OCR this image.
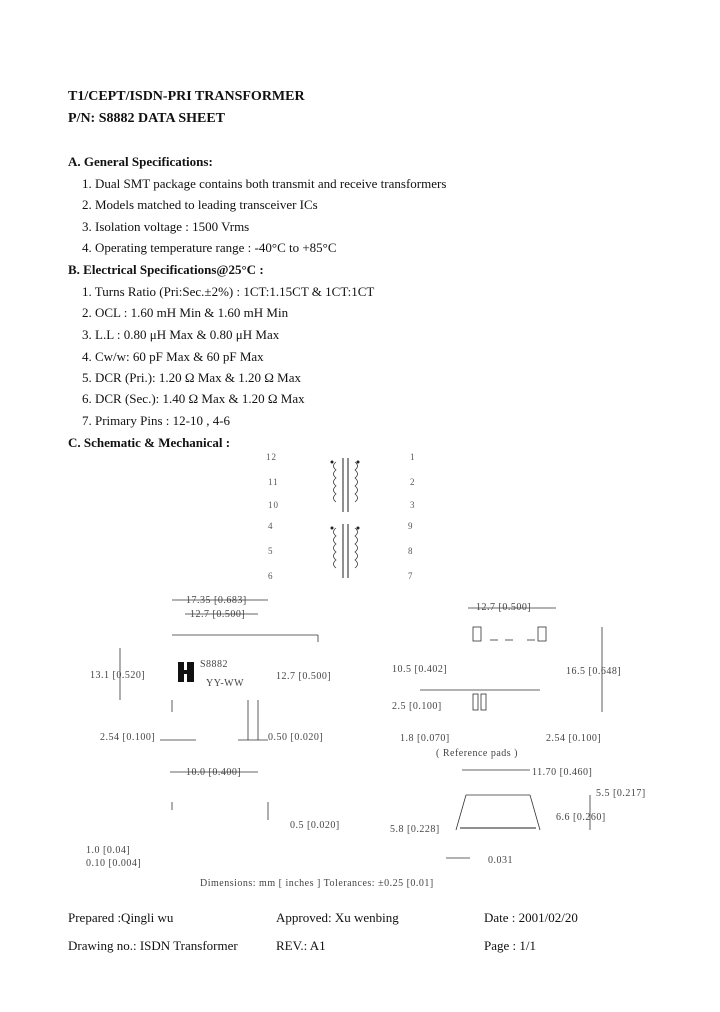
T1/CEPT/ISDN-PRI TRANSFORMER
P/N: S8882 DATA SHEET
A. General Specifications:
1. Dual SMT package contains both transmit and receive transformers
2. Models matched to leading transceiver ICs
3. Isolation voltage : 1500 Vrms
4. Operating temperature range : -40°C to +85°C
B. Electrical Specifications@25°C :
1. Turns Ratio (Pri:Sec.±2%) : 1CT:1.15CT & 1CT:1CT
2. OCL : 1.60 mH Min & 1.60 mH Min
3. L.L : 0.80 μH Max & 0.80 μH Max
4. Cw/w: 60 pF Max & 60 pF Max
5. DCR (Pri.): 1.20 Ω Max & 1.20 Ω Max
6. DCR (Sec.): 1.40 Ω Max & 1.20 Ω Max
7. Primary Pins : 12-10 , 4-6
C. Schematic & Mechanical :
12
11
10
4
5
6
1
2
3
9
8
7
17.35 [0.683]
12.7 [0.500]
13.1 [0.520]
S8882
YY-WW
12.7 [0.500]
2.54 [0.100]	0.50 [0.020]
10.0 [0.400]
12.7 [0.500]
16.5 [0.648]
10.5 [0.402]
2.5 [0.100]
1.8 [0.070]	2.54 [0.100]
( Reference pads )
11.70 [0.460]
0.5 [0.020]	5.8 [0.228]
6.6 [0.260]
5.5 [0.217]
0.031
1.0 [0.04]
0.10 [0.004]
Dimensions: mm [ inches ] Tolerances: ±0.25 [0.01]
Prepared :Qingli wu	Approved: Xu wenbing	Date : 2001/02/20
Drawing no.: ISDN Transformer	REV.: A1	Page : 1/1
